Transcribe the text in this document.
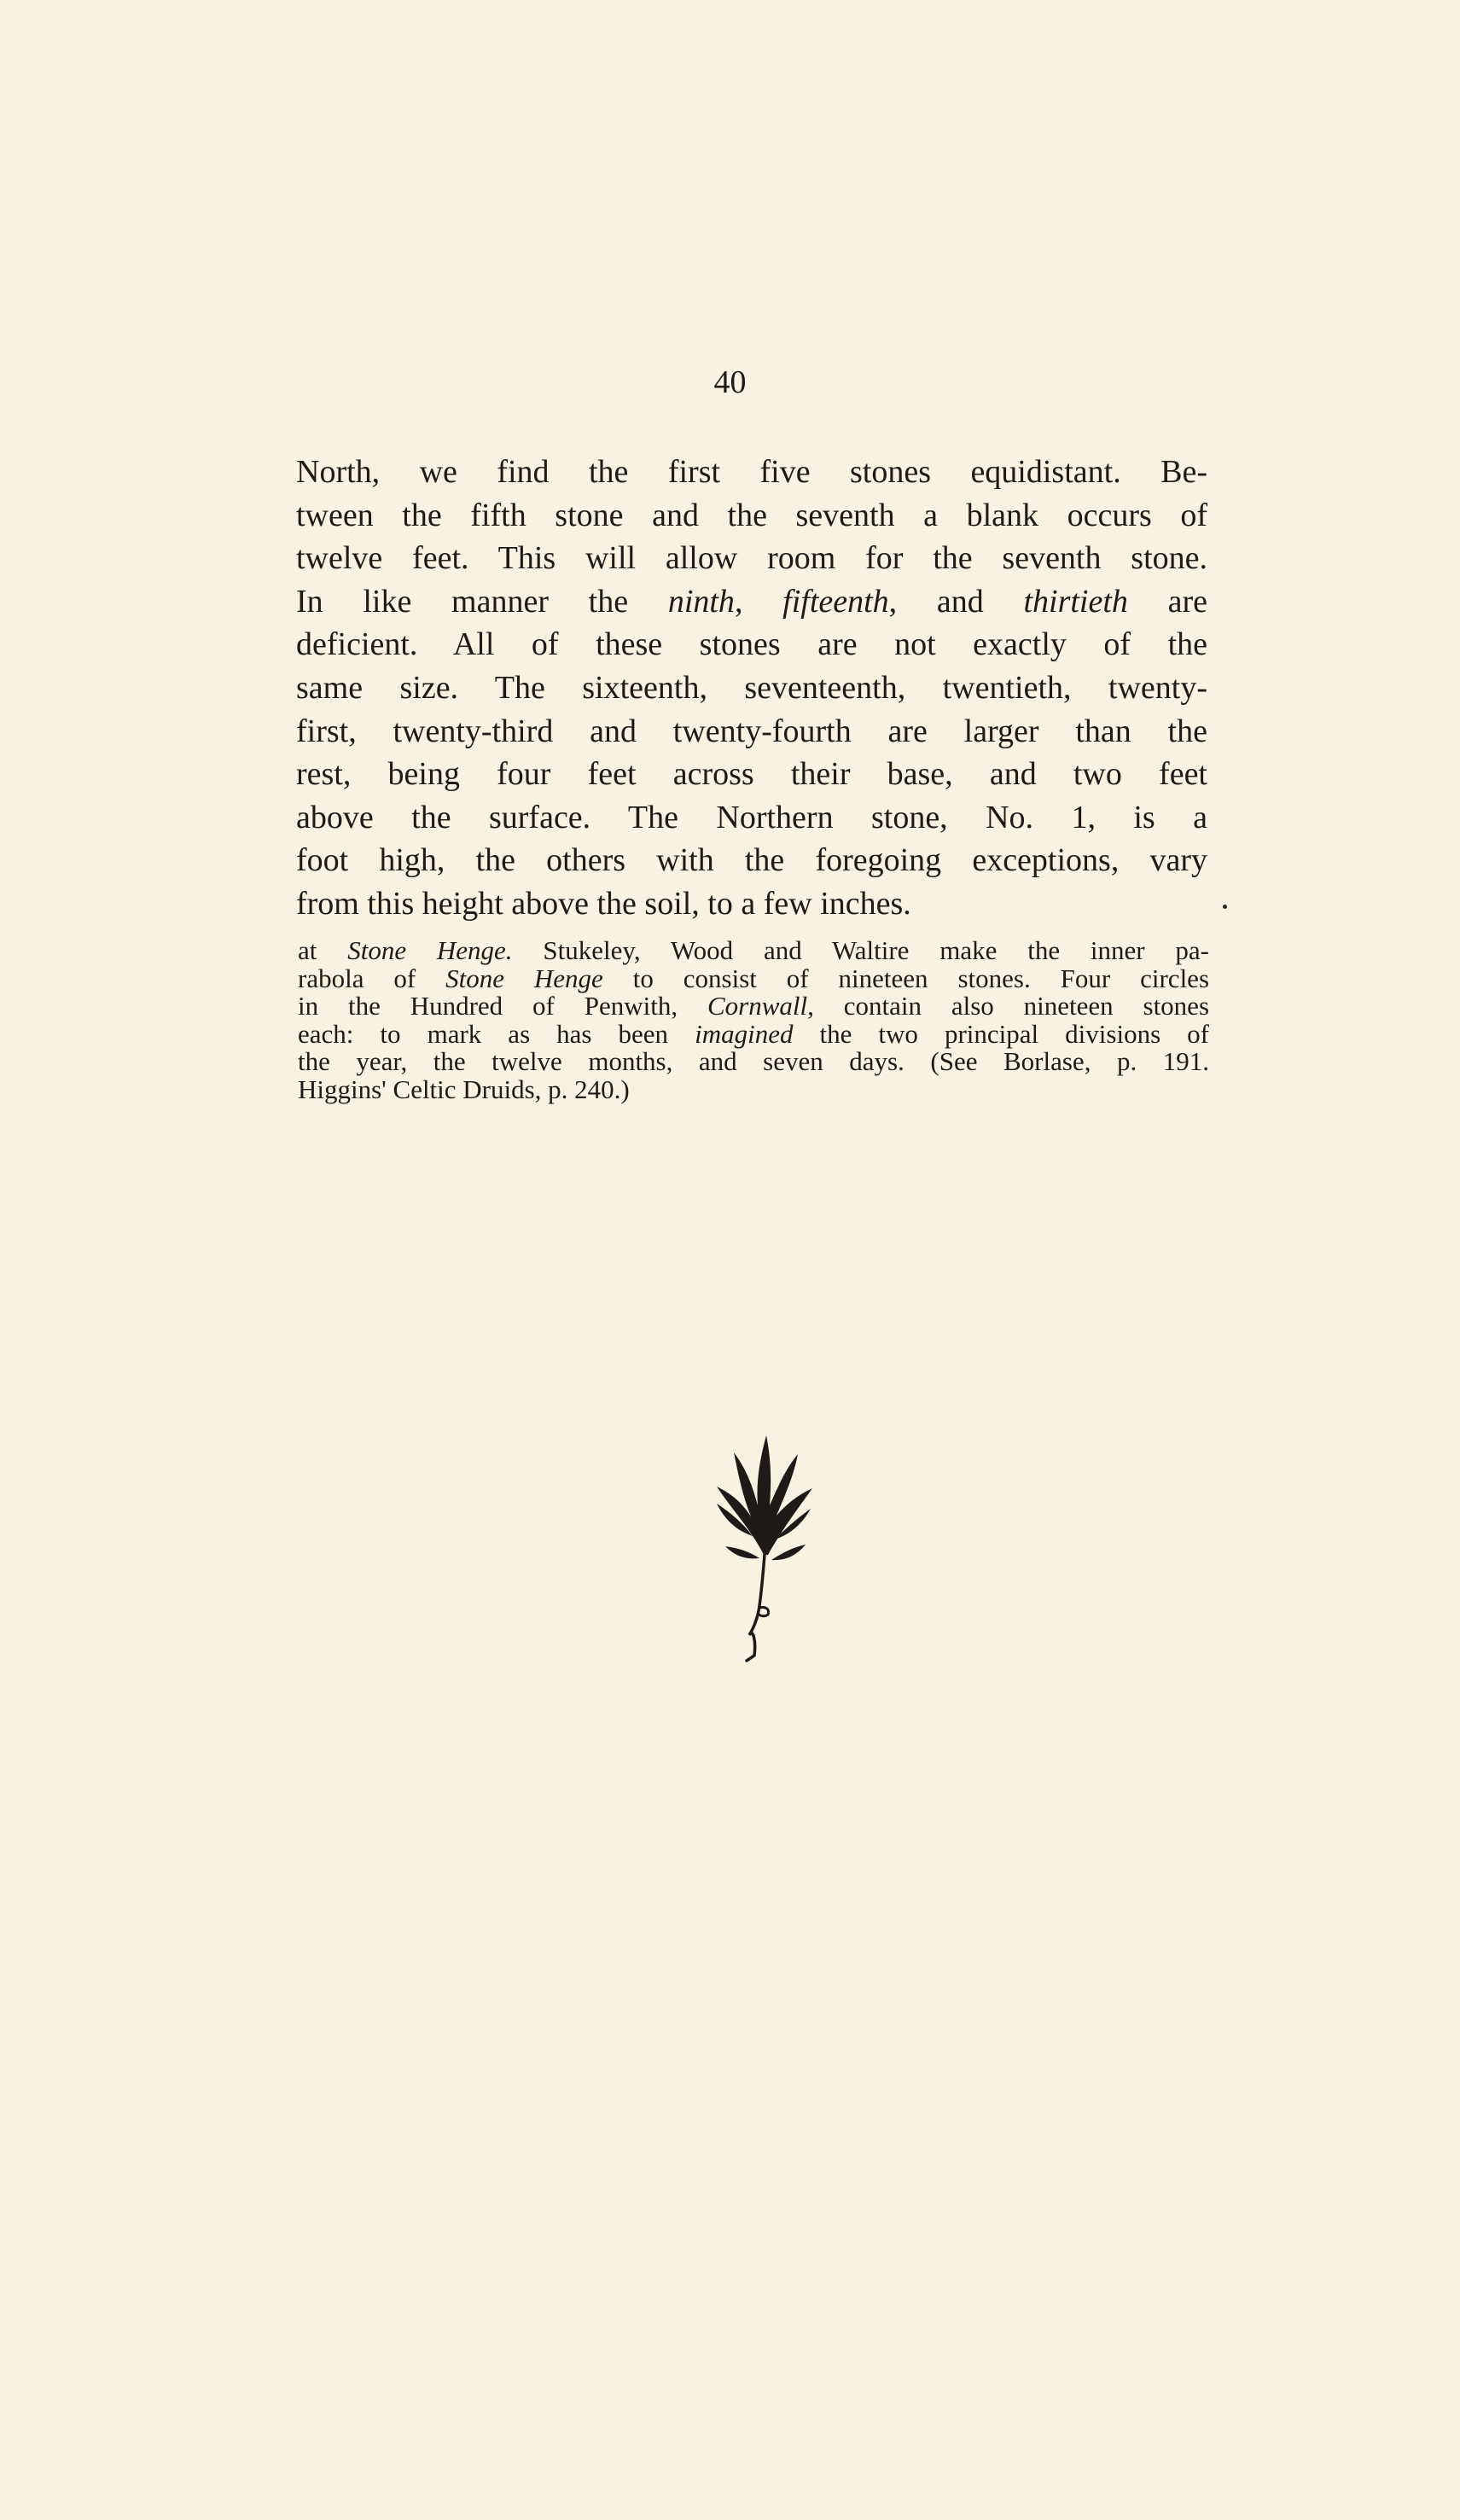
40
North, we find the first five stones equidistant. Be-
tween the fifth stone and the seventh a blank occurs of
twelve feet. This will allow room for the seventh stone.
In like manner the ninth, fifteenth, and thirtieth are
deficient. All of these stones are not exactly of the
same size. The sixteenth, seventeenth, twentieth, twenty-
first, twenty-third and twenty-fourth are larger than the
rest, being four feet across their base, and two feet
above the surface. The Northern stone, No. 1, is a
foot high, the others with the foregoing exceptions, vary
from this height above the soil, to a few inches.
at Stone Henge. Stukeley, Wood and Waltire make the inner pa-
rabola of Stone Henge to consist of nineteen stones. Four circles
in the Hundred of Penwith, Cornwall, contain also nineteen stones
each: to mark as has been imagined the two principal divisions of
the year, the twelve months, and seven days. (See Borlase, p. 191.
Higgins' Celtic Druids, p. 240.)
